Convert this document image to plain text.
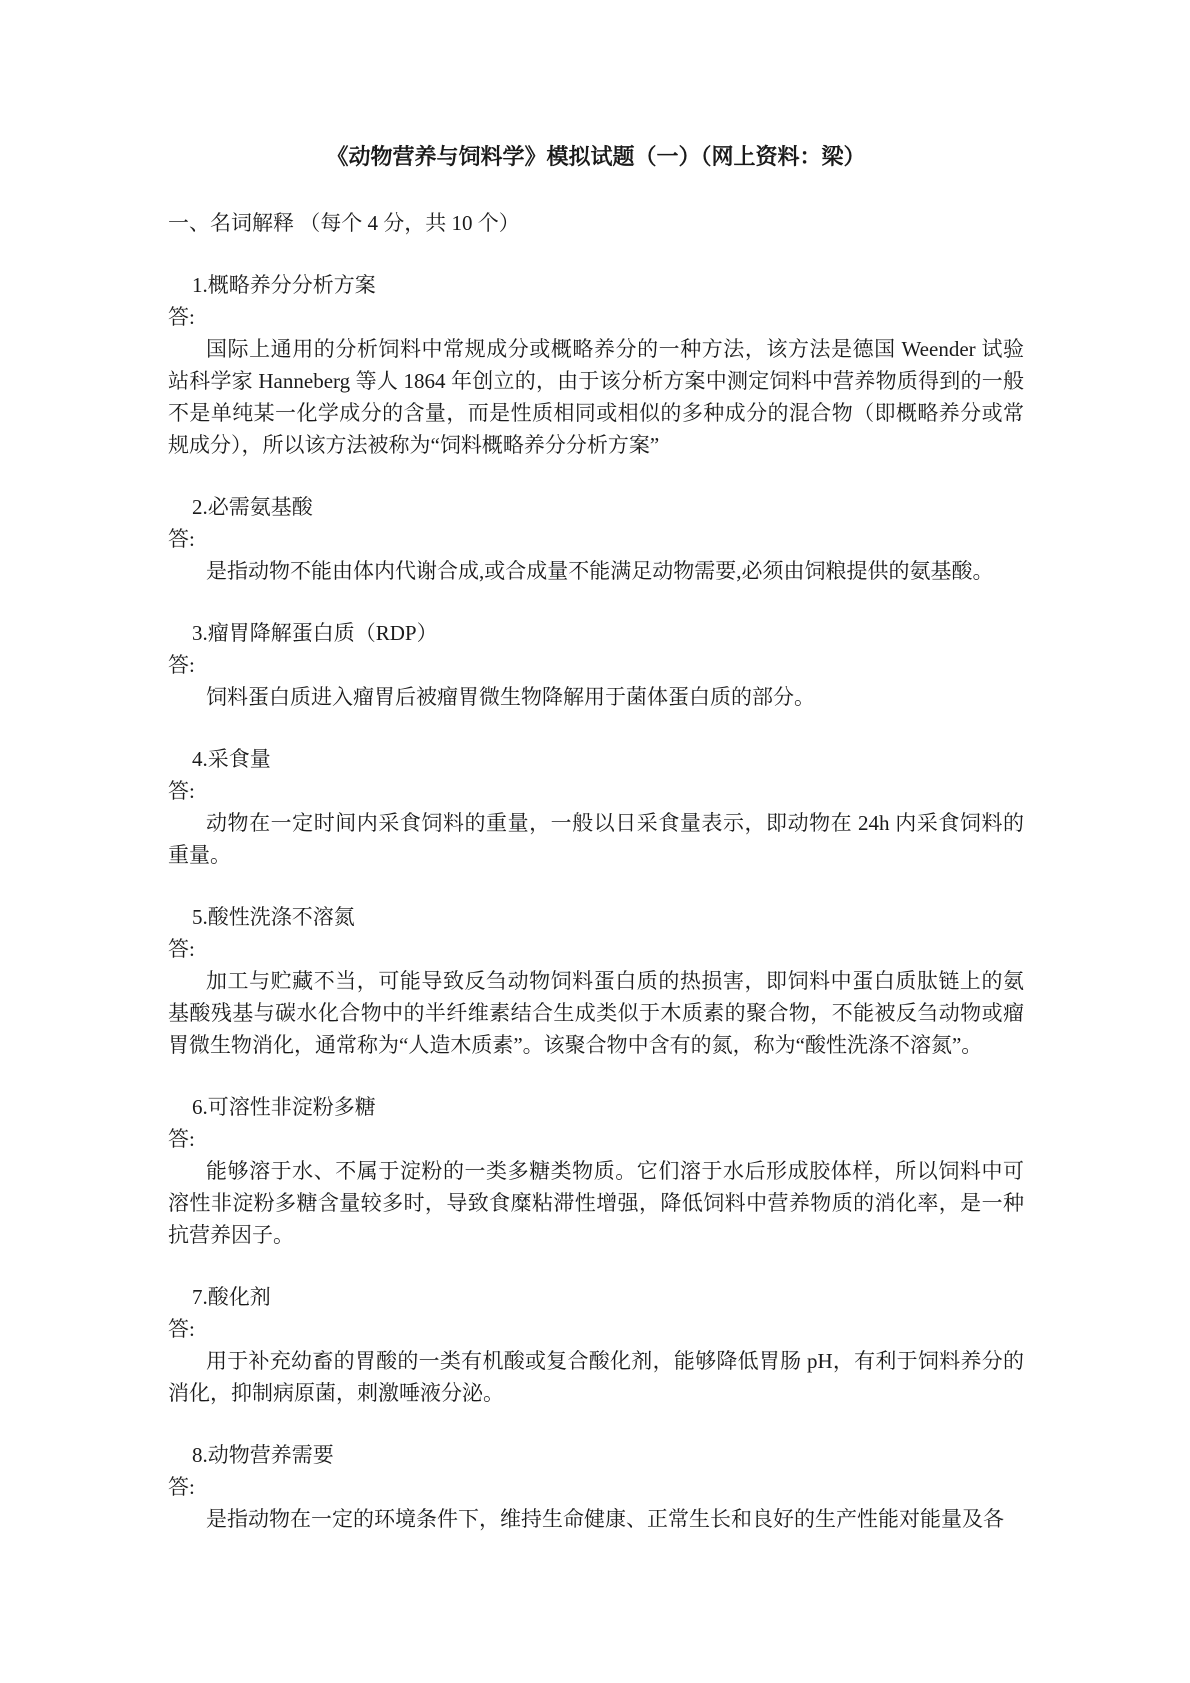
《动物营养与饲料学》模拟试题（一）（网上资料：梁）
一、名词解释 （每个 4 分，共 10 个）
1.概略养分分析方案
答:

国际上通用的分析饲料中常规成分或概略养分的一种方法，该方法是德国 Weender 试验站科学家 Hanneberg 等人 1864 年创立的，由于该分析方案中测定饲料中营养物质得到的一般不是单纯某一化学成分的含量，而是性质相同或相似的多种成分的混合物（即概略养分或常规成分），所以该方法被称为“饲料概略养分分析方案”

2.必需氨基酸
答:

是指动物不能由体内代谢合成,或合成量不能满足动物需要,必须由饲粮提供的氨基酸。

3.瘤胃降解蛋白质（RDP）
答:

饲料蛋白质进入瘤胃后被瘤胃微生物降解用于菌体蛋白质的部分。

4.采食量
答:

动物在一定时间内采食饲料的重量，一般以日采食量表示，即动物在 24h 内采食饲料的重量。

5.酸性洗涤不溶氮
答:

加工与贮藏不当，可能导致反刍动物饲料蛋白质的热损害，即饲料中蛋白质肽链上的氨基酸残基与碳水化合物中的半纤维素结合生成类似于木质素的聚合物，不能被反刍动物或瘤胃微生物消化，通常称为“人造木质素”。该聚合物中含有的氮，称为“酸性洗涤不溶氮”。

6.可溶性非淀粉多糖
答:

能够溶于水、不属于淀粉的一类多糖类物质。它们溶于水后形成胶体样，所以饲料中可溶性非淀粉多糖含量较多时，导致食糜粘滞性增强，降低饲料中营养物质的消化率，是一种抗营养因子。

7.酸化剂
答:

用于补充幼畜的胃酸的一类有机酸或复合酸化剂，能够降低胃肠 pH，有利于饲料养分的消化，抑制病原菌，刺激唾液分泌。

8.动物营养需要
答:

是指动物在一定的环境条件下，维持生命健康、正常生长和良好的生产性能对能量及各
